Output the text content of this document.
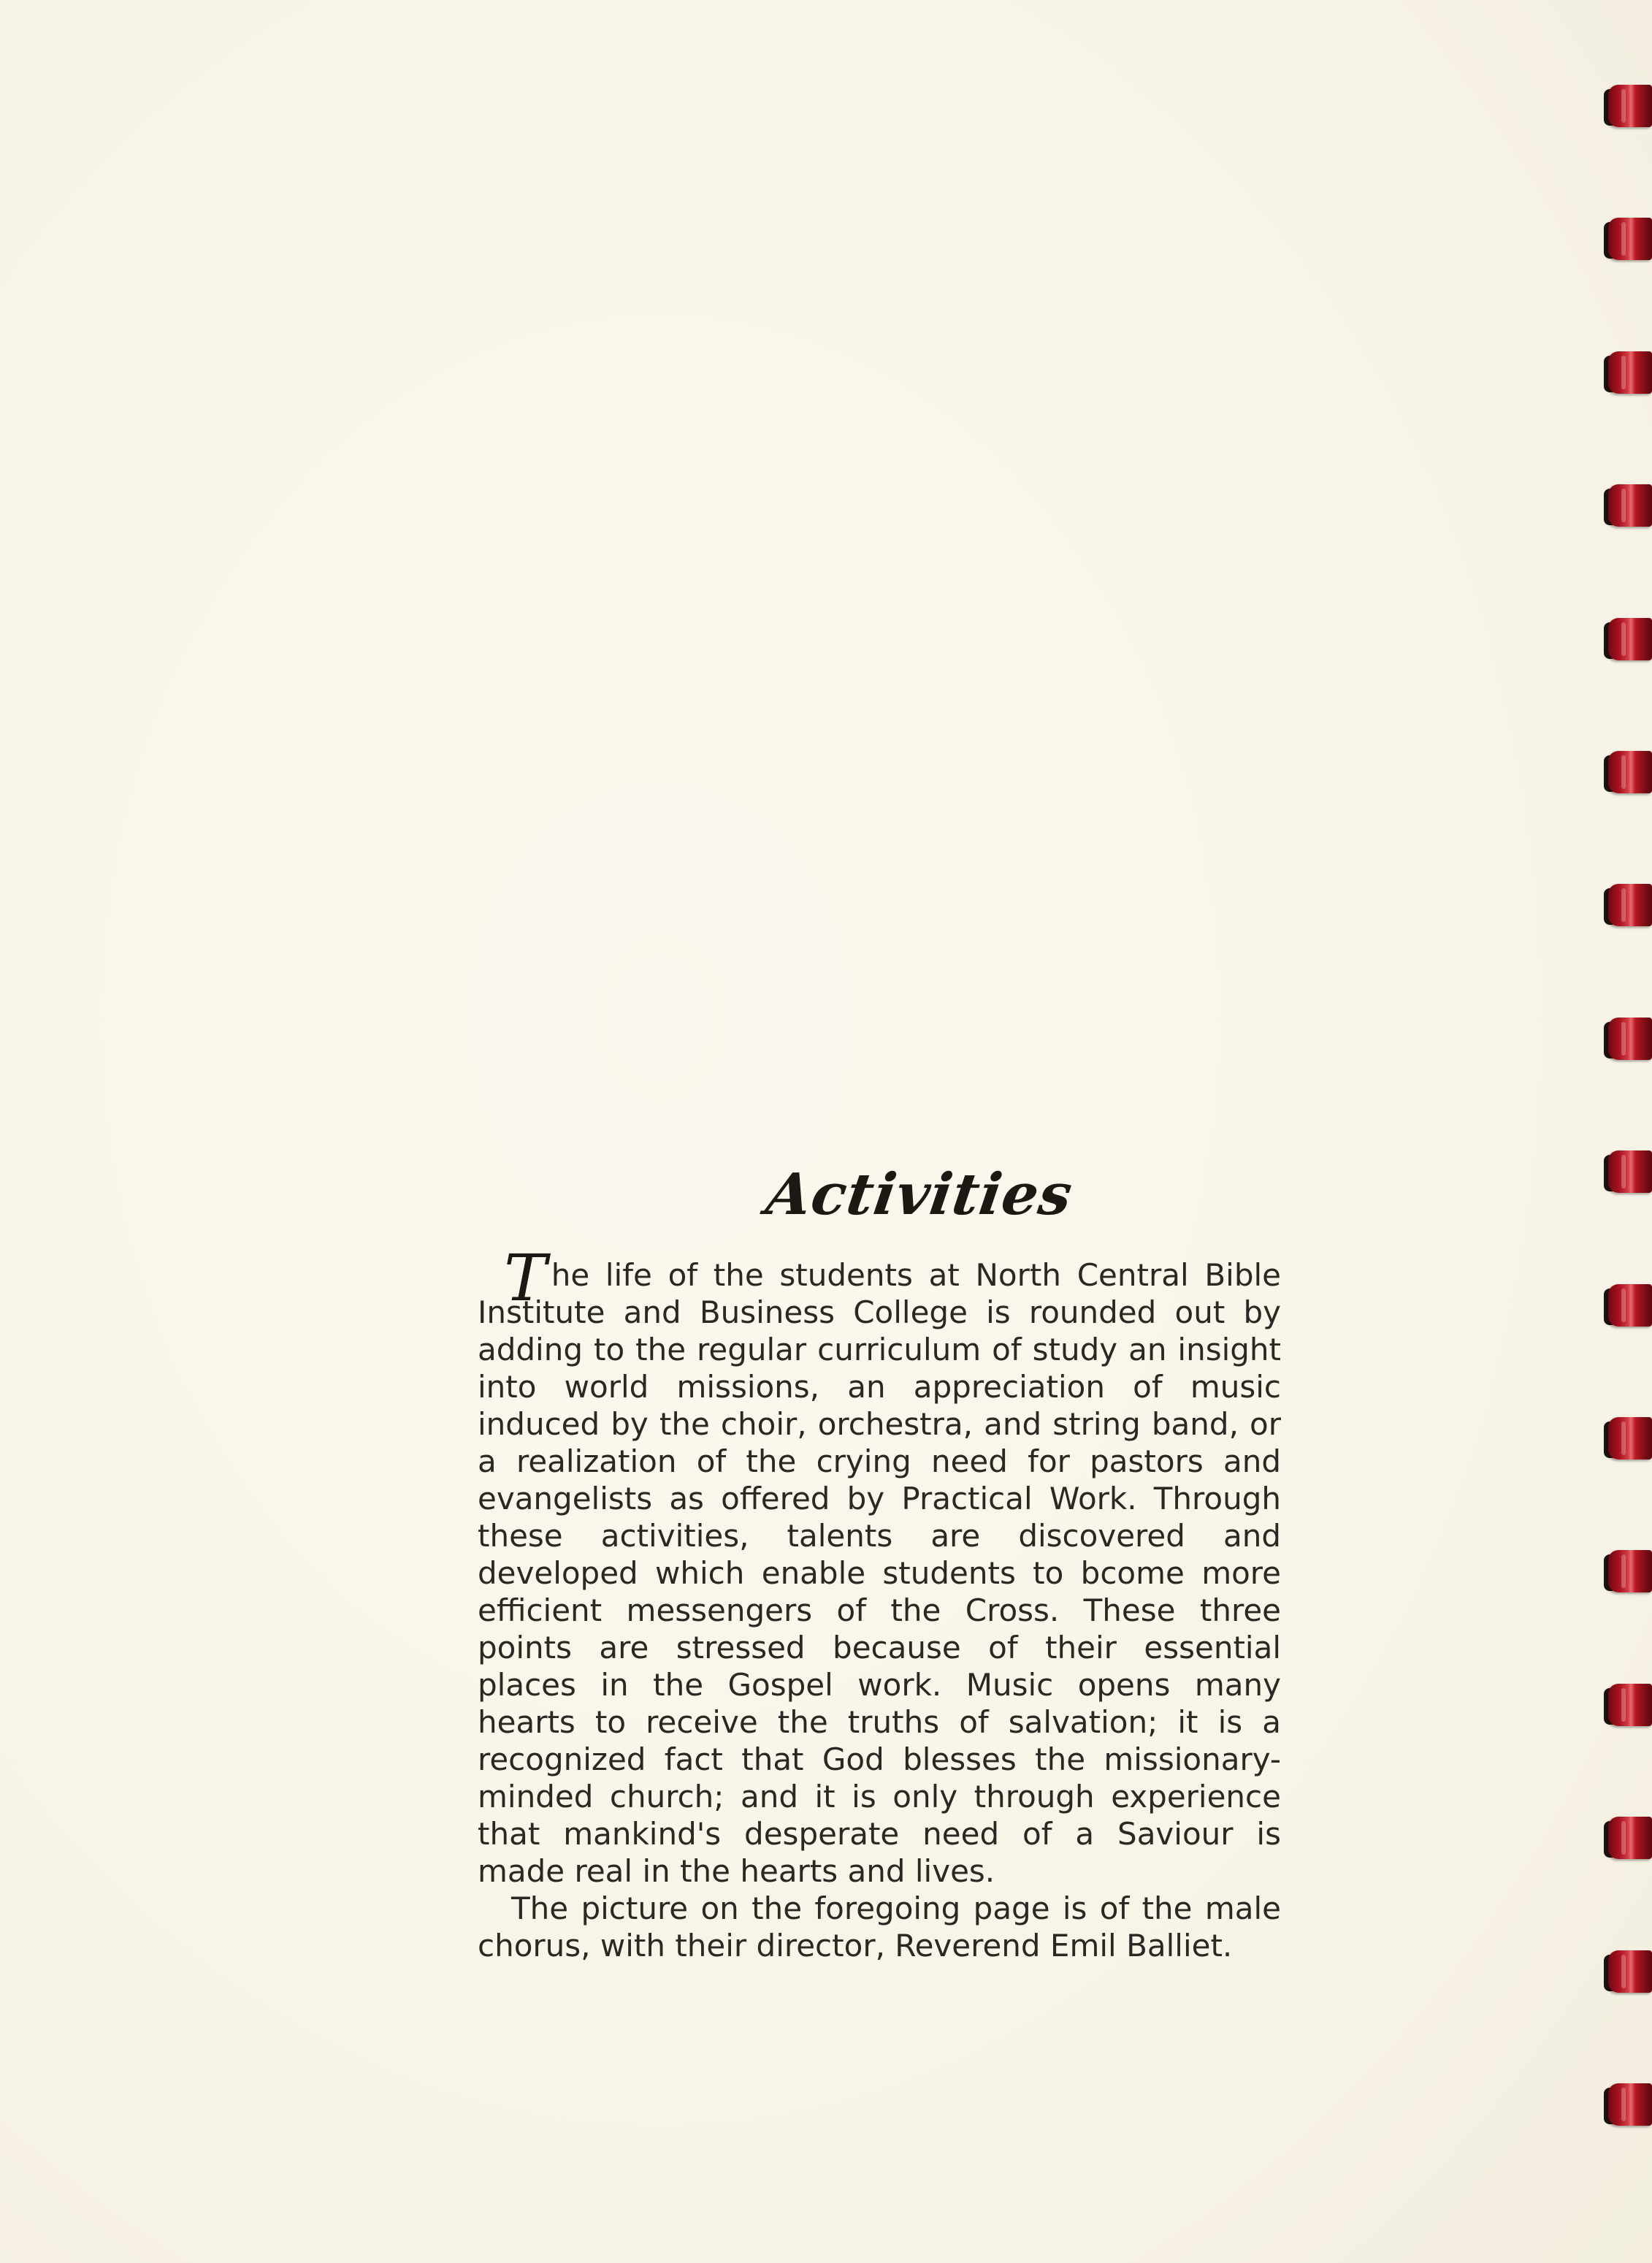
Activities

The life of the students at North Central Bible Institute and Business College is rounded out by adding to the regular curriculum of study an insight into world missions, an appreciation of music induced by the choir, orchestra, and string band, or a realization of the crying need for pastors and evangelists as offered by Practical Work. Through these activities, talents are discovered and developed which enable students to bcome more efficient messengers of the Cross. These three points are stressed because of their essential places in the Gospel work. Music opens many hearts to receive the truths of salvation; it is a recognized fact that God blesses the missionary-minded church; and it is only through experience that mankind's desperate need of a Saviour is made real in the hearts and lives.

The picture on the foregoing page is of the male chorus, with their director, Reverend Emil Balliet.
